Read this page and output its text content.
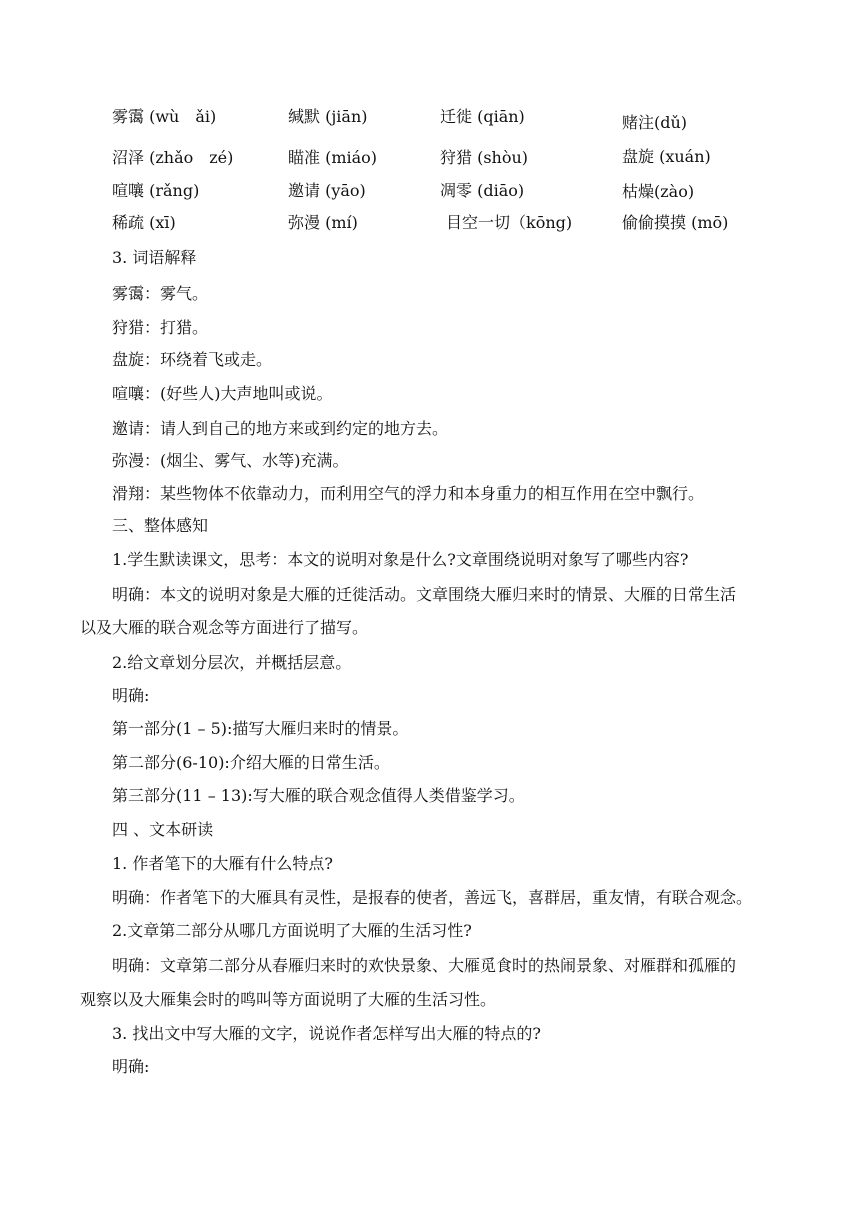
雾霭 (wù　ǎi)	缄默 (jiān)	迁徙 (qiān)	赌注(dǔ)
沼泽 (zhǎo　zé)	瞄准 (miáo)	狩猎 (shòu)	盘旋 (xuán)
喧嚷 (rǎng)	邀请 (yāo)	凋零 (diāo)	枯燥(zào)
稀疏 (xī)	弥漫 (mí)	目空一切（kōng)	偷偷摸摸 (mō)
3. 词语解释
雾霭：雾气。
狩猎：打猎。
盘旋：环绕着飞或走。
喧嚷：(好些人)大声地叫或说。
邀请：请人到自己的地方来或到约定的地方去。
弥漫：(烟尘、雾气、水等)充满。
滑翔：某些物体不依靠动力，而利用空气的浮力和本身重力的相互作用在空中飘行。
三、整体感知
1.学生默读课文，思考：本文的说明对象是什么?文章围绕说明对象写了哪些内容?
明确：本文的说明对象是大雁的迁徙活动。文章围绕大雁归来时的情景、大雁的日常生活
以及大雁的联合观念等方面进行了描写。
2.给文章划分层次，并概括层意。
明确:
第一部分(1 – 5):描写大雁归来时的情景。
第二部分(6-10):介绍大雁的日常生活。
第三部分(11 – 13):写大雁的联合观念值得人类借鉴学习。
四 、文本研读
1. 作者笔下的大雁有什么特点?
明确：作者笔下的大雁具有灵性，是报春的使者，善远飞，喜群居，重友情，有联合观念。
2.文章第二部分从哪几方面说明了大雁的生活习性?
明确：文章第二部分从春雁归来时的欢快景象、大雁觅食时的热闹景象、对雁群和孤雁的
观察以及大雁集会时的鸣叫等方面说明了大雁的生活习性。
3. 找出文中写大雁的文字，说说作者怎样写出大雁的特点的?
明确:
